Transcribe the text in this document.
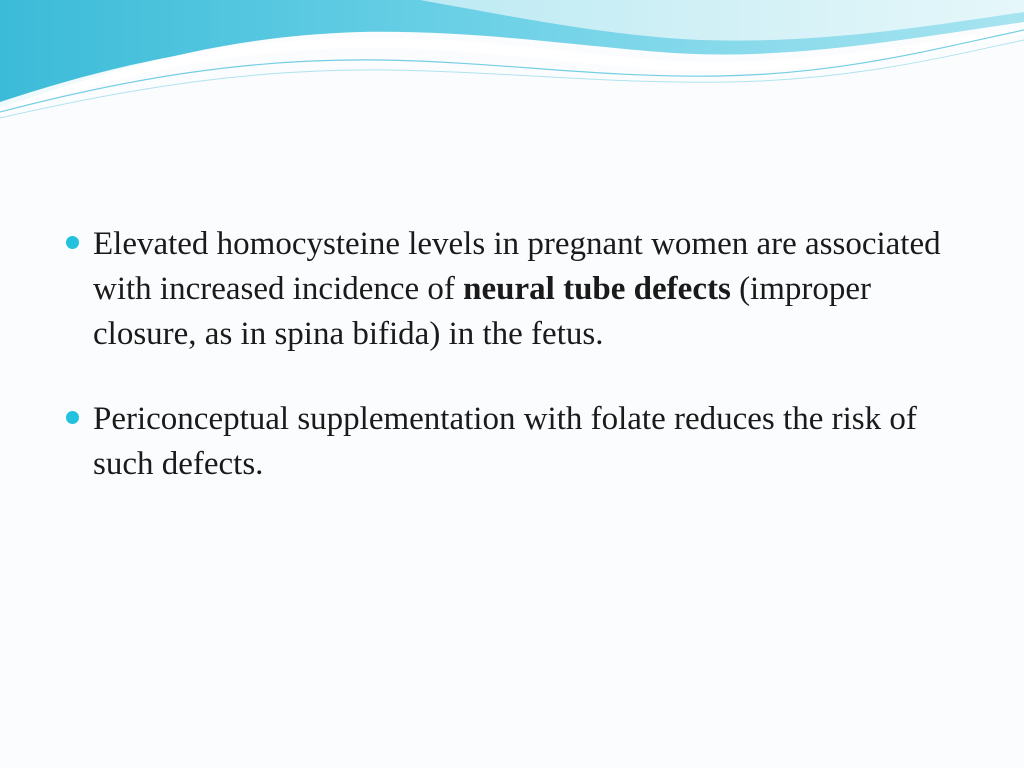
Elevated homocysteine levels in pregnant women are associated with increased incidence of neural tube defects (improper closure, as in spina bifida) in the fetus.
Periconceptual supplementation with folate reduces the risk of such defects.
